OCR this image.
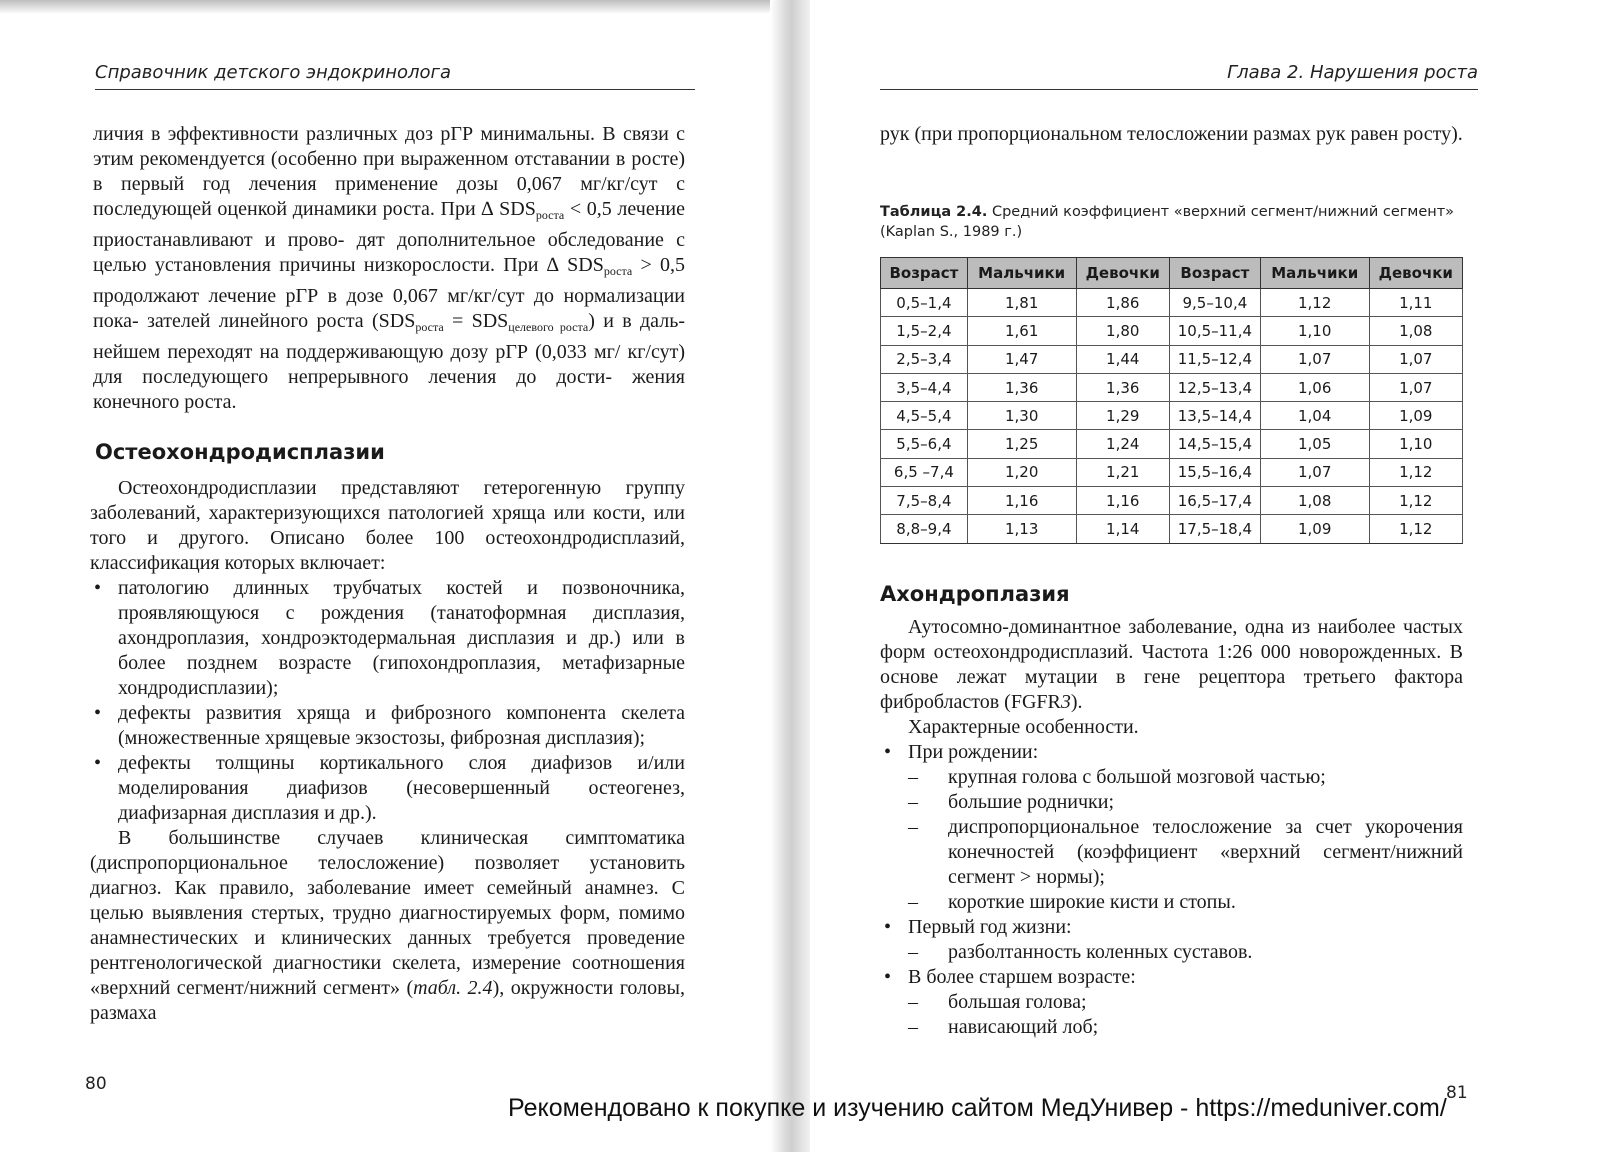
Справочник детского эндокринолога

личия в эффективности различных доз рГР минимальны. В связи с этим рекомендуется (особенно при выраженном отставании в росте) в первый год лечения применение дозы 0,067 мг/кг/сут с последующей оценкой динамики роста. При ∆ $SDS_{роста} < 0,5$ лечение приостанавливают и прово- дят дополнительное обследование с целью установления причины низкорослости. При ∆ $SDS_{роста} > 0,5$ продолжают лечение рГР в дозе 0,067 мг/кг/сут до нормализации пока- зателей линейного роста $(SDS_{роста} = SDS_{целевого роста})$ и в даль- нейшем переходят на поддерживающую дозу рГР (0,033 мг/ кг/сут) для последующего непрерывного лечения до дости- жения конечного роста.

Остеохондродисплазии

Остеохондродисплазии представляют гетерогенную группу заболеваний, характеризующихся патологией хряща или кости, или того и другого. Описано более 100 остеохондродисплазий, классификация которых включает:

• патологию длинных трубчатых костей и позвоночника, проявляющуюся с рождения (танатоформная дисплазия, ахондроплазия, хондроэктодермальная дисплазия и др.) или в более позднем возрасте (гипохондроплазия, метафизарные хондродисплазии);
• дефекты развития хряща и фиброзного компонента скелета (множественные хрящевые экзостозы, фиброзная дисплазия);
• дефекты толщины кортикального слоя диафизов и/или моделирования диафизов (несовершенный остеогенез, диафизарная дисплазия и др.).

В большинстве случаев клиническая симптоматика (диспропорциональное телосложение) позволяет установить диагноз. Как правило, заболевание имеет семейный анамнез. С целью выявления стертых, трудно диагностируемых форм, помимо анамнестических и клинических данных требуется проведение рентгенологической диагностики скелета, измерение соотношения «верхний сегмент/нижний сегмент» (табл. 2.4), окружности головы, размаха

80
Глава 2. Нарушения роста
рук (при пропорциональном телосложении размах рук равен росту).
Таблица 2.4. Средний коэффициент «верхний сегмент/нижний сегмент» (Kaplan S., 1989 г.)
Возраст	Мальчики	Девочки	Возраст	Мальчики	Девочки
0,5–1,4	1,81	1,86	9,5–10,4	1,12	1,11
1,5–2,4	1,61	1,80	10,5–11,4	1,10	1,08
2,5–3,4	1,47	1,44	11,5–12,4	1,07	1,07
3,5–4,4	1,36	1,36	12,5–13,4	1,06	1,07
4,5–5,4	1,30	1,29	13,5–14,4	1,04	1,09
5,5–6,4	1,25	1,24	14,5–15,4	1,05	1,10
6,5 –7,4	1,20	1,21	15,5–16,4	1,07	1,12
7,5–8,4	1,16	1,16	16,5–17,4	1,08	1,12
8,8–9,4	1,13	1,14	17,5–18,4	1,09	1,12
Ахондроплазия

Аутосомно-доминантное заболевание, одна из наиболее частых форм остеохондродисплазий. Частота 1:26 000 новорожденных. В основе лежат мутации в гене рецептора третьего фактора фибробластов (FGFR3).

Характерные особенности.

• При рождении:
– крупная голова с большой мозговой частью;
– большие роднички;
– диспропорциональное телосложение за счет укорочения конечностей (коэффициент «верхний сегмент/нижний сегмент > нормы);
– короткие широкие кисти и стопы.
• Первый год жизни:
– разболтанность коленных суставов.
• В более старшем возрасте:
– большая голова;
– нависающий лоб;
81
Рекомендовано к покупке и изучению сайтом МедУнивер - https://meduniver.com/
